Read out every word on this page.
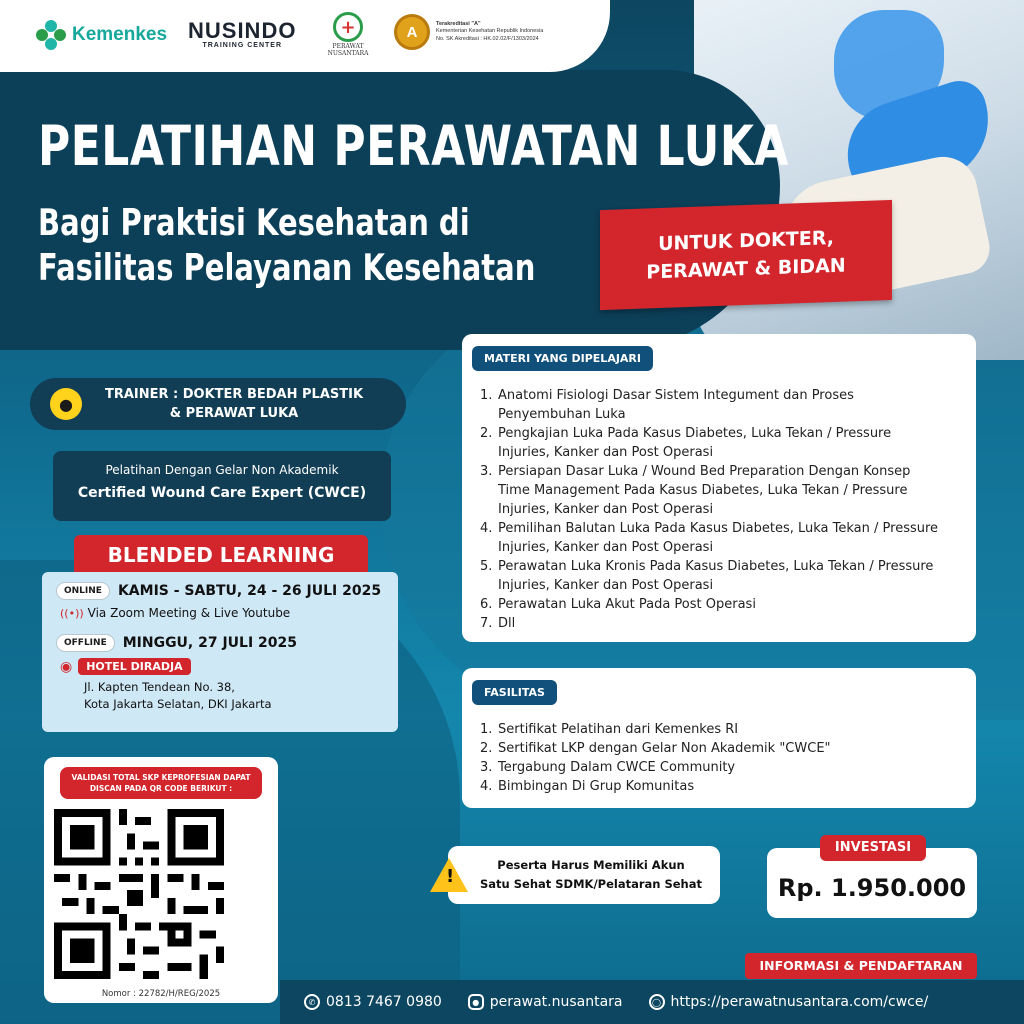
Kemenkes NUSINDO
TRAINING CENTER
+	PERAWAT NUSANTARA
A	Terakreditasi "A"
Kementerian Kesehatan Republik Indonesia
No. SK Akreditasi : HK.02.02/F/1303/2024
PELATIHAN PERAWATAN LUKA
Bagi Praktisi Kesehatan di
Fasilitas Pelayanan Kesehatan
UNTUK DOKTER,
PERAWAT & BIDAN
●	TRAINER : DOKTER BEDAH PLASTIK
& PERAWAT LUKA
Pelatihan Dengan Gelar Non Akademik
Certified Wound Care Expert (CWCE)
BLENDED LEARNING
ONLINE	KAMIS - SABTU, 24 - 26 JULI 2025
((•)) Via Zoom Meeting & Live Youtube
OFFLINE	MINGGU, 27 JULI 2025
◉	HOTEL DIRADJA
Jl. Kapten Tendean No. 38,
Kota Jakarta Selatan, DKI Jakarta
VALIDASI TOTAL SKP KEPROFESIAN DAPAT
DISCAN PADA QR CODE BERIKUT :
Nomor : 22782/H/REG/2025
MATERI YANG DIPELAJARI
1. Anatomi Fisiologi Dasar Sistem Integument dan Proses
Penyembuhan Luka
2. Pengkajian Luka Pada Kasus Diabetes, Luka Tekan / Pressure
Injuries, Kanker dan Post Operasi
3. Persiapan Dasar Luka / Wound Bed Preparation Dengan Konsep
Time Management Pada Kasus Diabetes, Luka Tekan / Pressure
Injuries, Kanker dan Post Operasi
4. Pemilihan Balutan Luka Pada Kasus Diabetes, Luka Tekan / Pressure
Injuries, Kanker dan Post Operasi
5. Perawatan Luka Kronis Pada Kasus Diabetes, Luka Tekan / Pressure
Injuries, Kanker dan Post Operasi
6. Perawatan Luka Akut Pada Post Operasi
7. Dll
FASILITAS
1. Sertifikat Pelatihan dari Kemenkes RI
2. Sertifikat LKP dengan Gelar Non Akademik "CWCE"
3. Tergabung Dalam CWCE Community
4. Bimbingan Di Grup Komunitas
Peserta Harus Memiliki Akun
Satu Sehat SDMK/Pelataran Sehat
!	Rp. 1.950.000
INVESTASI
INFORMASI & PENDAFTARAN
✆ 0813 7467 0980	● perawat.nusantara	◯ https://perawatnusantara.com/cwce/
